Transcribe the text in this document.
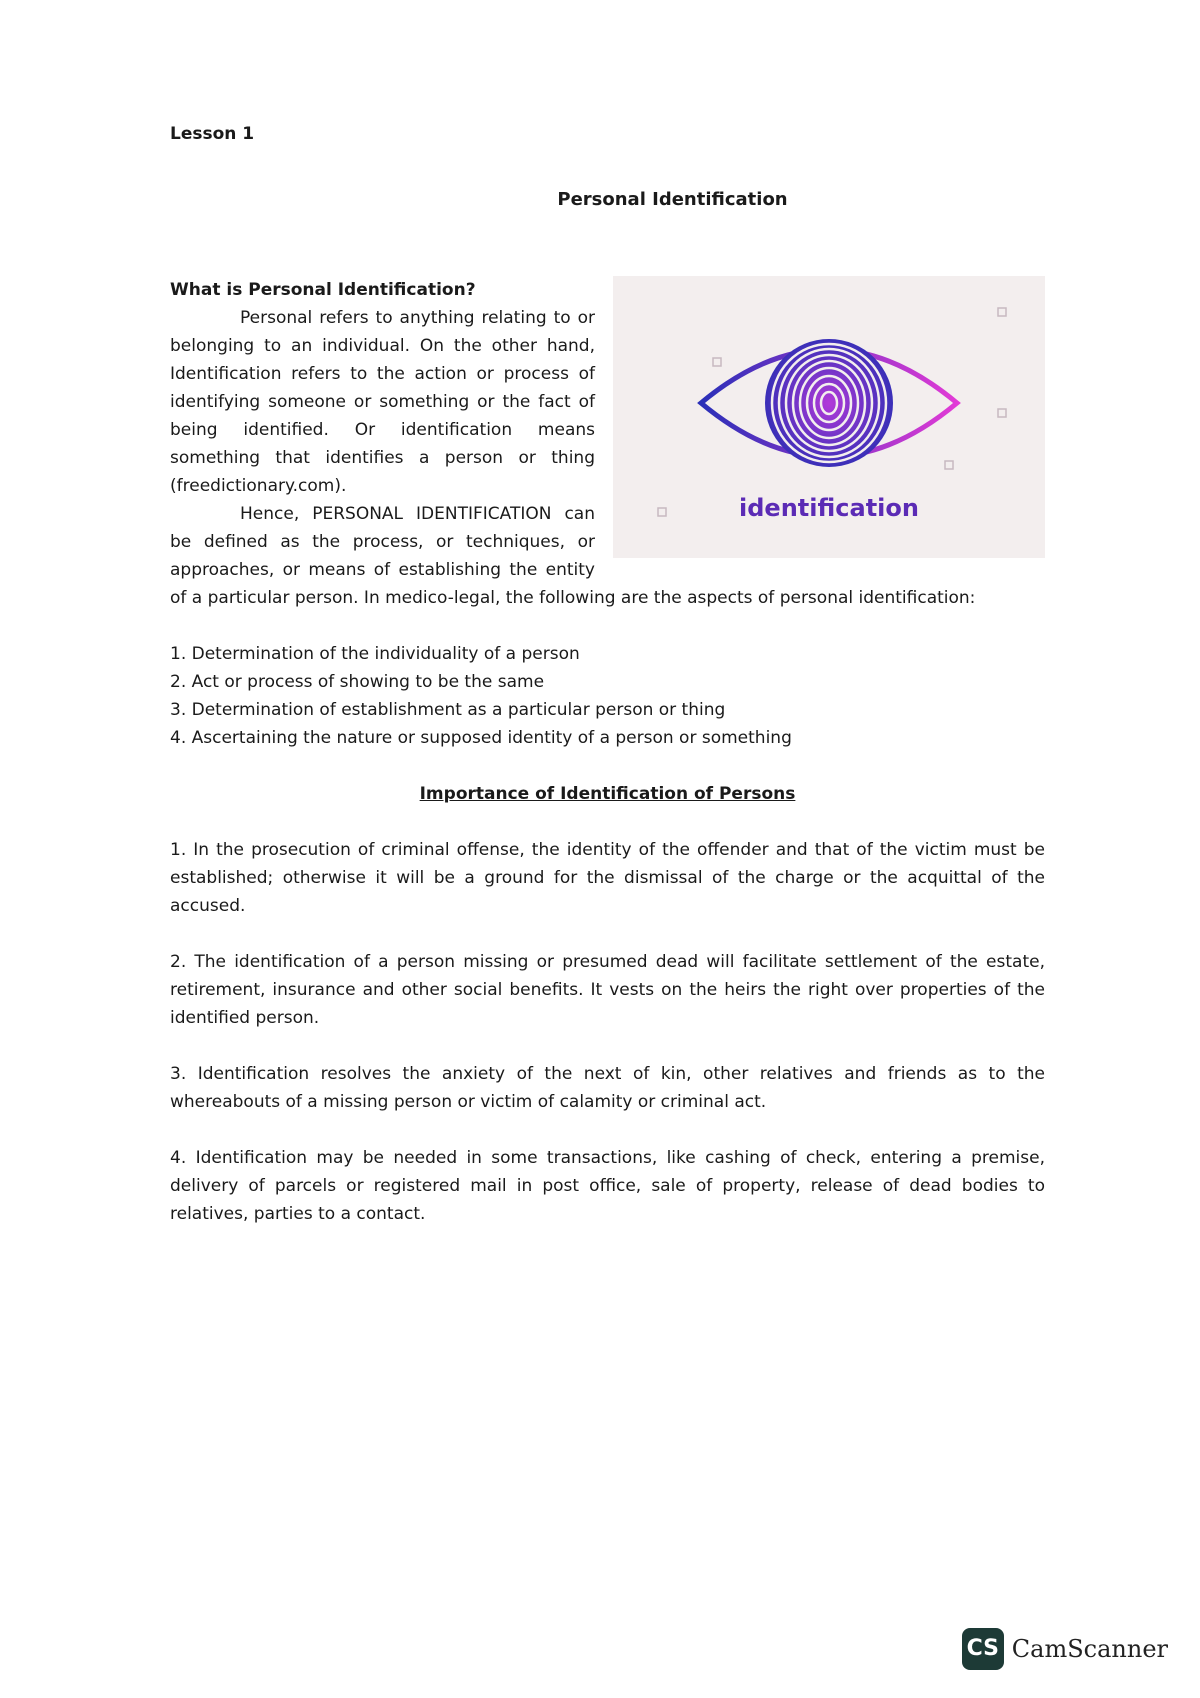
Lesson 1
Personal Identification
identification

What is Personal Identification?

Personal refers to anything relating to or belonging to an individual. On the other hand, Identification refers to the action or process of identifying someone or something or the fact of being identified. Or identification means something that identifies a person or thing (freedictionary.com).

Hence, PERSONAL IDENTIFICATION can be defined as the process, or techniques, or approaches, or means of establishing the entity of a particular person. In medico-legal, the following are the aspects of personal identification:

1. Determination of the individuality of a person
2. Act or process of showing to be the same
3. Determination of establishment as a particular person or thing
4. Ascertaining the nature or supposed identity of a person or something
Importance of Identification of Persons
1. In the prosecution of criminal offense, the identity of the offender and that of the victim must be established; otherwise it will be a ground for the dismissal of the charge or the acquittal of the accused.
2. The identification of a person missing or presumed dead will facilitate settlement of the estate, retirement, insurance and other social benefits. It vests on the heirs the right over properties of the identified person.
3. Identification resolves the anxiety of the next of kin, other relatives and friends as to the whereabouts of a missing person or victim of calamity or criminal act.
4. Identification may be needed in some transactions, like cashing of check, entering a premise, delivery of parcels or registered mail in post office, sale of property, release of dead bodies to relatives, parties to a contact.
CS CamScanner
